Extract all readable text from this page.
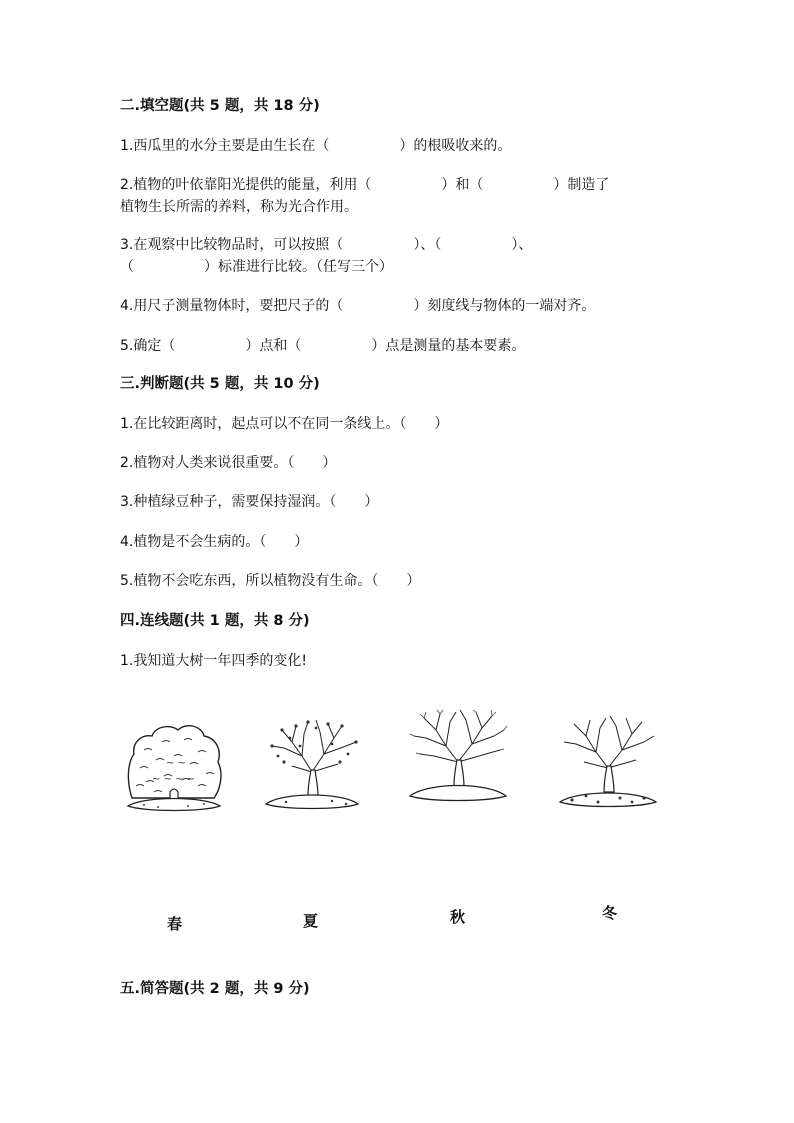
二.填空题(共 5 题，共 18 分)
1.西瓜里的水分主要是由生长在（　　　　　）的根吸收来的。
2.植物的叶依靠阳光提供的能量，利用（　　　　　）和（　　　　　）制造了
植物生长所需的养料，称为光合作用。
3.在观察中比较物品时，可以按照（　　　　　）、（　　　　　）、
（　　　　　）标准进行比较。（任写三个）
4.用尺子测量物体时，要把尺子的（　　　　　）刻度线与物体的一端对齐。
5.确定（　　　　　）点和（　　　　　）点是测量的基本要素。
三.判断题(共 5 题，共 10 分)
1.在比较距离时，起点可以不在同一条线上。（　　）
2.植物对人类来说很重要。（　　）
3.种植绿豆种子，需要保持湿润。（　　）
4.植物是不会生病的。（　　）
5.植物不会吃东西，所以植物没有生命。（　　）
四.连线题(共 1 题，共 8 分)
1.我知道大树一年四季的变化!
~ ~
~ ~ ~ ~
春	夏	秋	冬
五.简答题(共 2 题，共 9 分)
